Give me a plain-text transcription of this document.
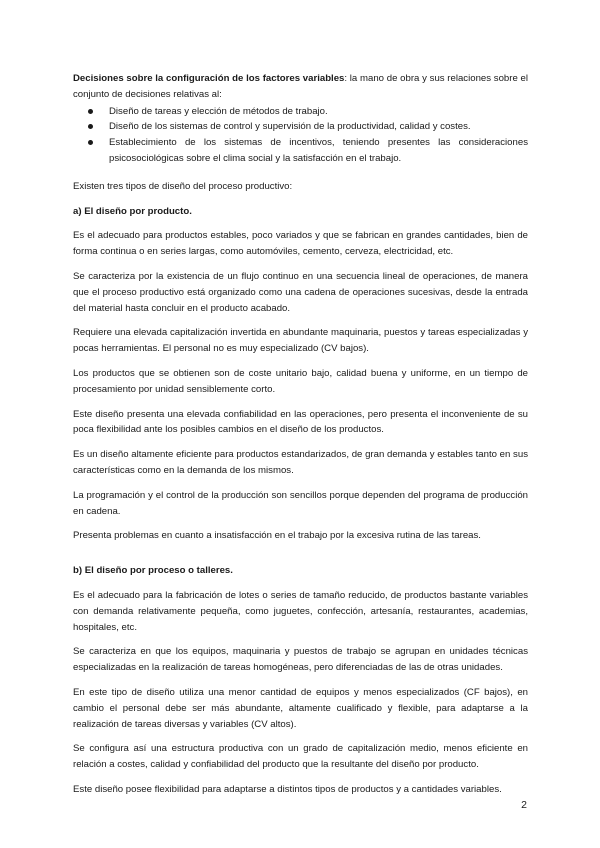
Decisiones sobre la configuración de los factores variables: la mano de obra y sus relaciones sobre el conjunto de decisiones relativas al:

Diseño de tareas y elección de métodos de trabajo.
Diseño de los sistemas de control y supervisión de la productividad, calidad y costes.
Establecimiento de los sistemas de incentivos, teniendo presentes las consideraciones psicosociológicas sobre el clima social y la satisfacción en el trabajo.

Existen tres tipos de diseño del proceso productivo:

a) El diseño por producto.

Es el adecuado para productos estables, poco variados y que se fabrican en grandes cantidades, bien de forma continua o en series largas, como automóviles, cemento, cerveza, electricidad, etc.

Se caracteriza por la existencia de un flujo continuo en una secuencia lineal de operaciones, de manera que el proceso productivo está organizado como una cadena de operaciones sucesivas, desde la entrada del material hasta concluir en el producto acabado.

Requiere una elevada capitalización invertida en abundante maquinaria, puestos y tareas especializadas y pocas herramientas. El personal no es muy especializado (CV bajos).

Los productos que se obtienen son de coste unitario bajo, calidad buena y uniforme, en un tiempo de procesamiento por unidad sensiblemente corto.

Este diseño presenta una elevada confiabilidad en las operaciones, pero presenta el inconveniente de su poca flexibilidad ante los posibles cambios en el diseño de los productos.

Es un diseño altamente eficiente para productos estandarizados, de gran demanda y estables tanto en sus características como en la demanda de los mismos.

La programación y el control de la producción son sencillos porque dependen del programa de producción en cadena.

Presenta problemas en cuanto a insatisfacción en el trabajo por la excesiva rutina de las tareas.

b) El diseño por proceso o talleres.

Es el adecuado para la fabricación de lotes o series de tamaño reducido, de productos bastante variables con demanda relativamente pequeña, como juguetes, confección, artesanía, restaurantes, academias, hospitales, etc.

Se caracteriza en que los equipos, maquinaria y puestos de trabajo se agrupan en unidades técnicas especializadas en la realización de tareas homogéneas, pero diferenciadas de las de otras unidades.

En este tipo de diseño utiliza una menor cantidad de equipos y menos especializados (CF bajos), en cambio el personal debe ser más abundante, altamente cualificado y flexible, para adaptarse a la realización de tareas diversas y variables (CV altos).

Se configura así una estructura productiva con un grado de capitalización medio, menos eficiente en relación a costes, calidad y confiabilidad del producto que la resultante del diseño por producto.

Este diseño posee flexibilidad para adaptarse a distintos tipos de productos y a cantidades variables.

2
